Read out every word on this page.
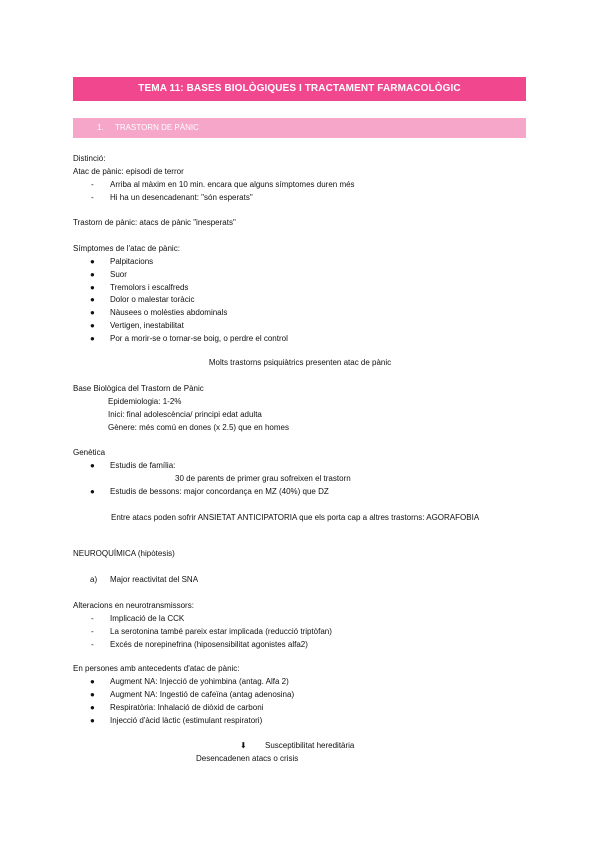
TEMA 11: BASES BIOLÒGIQUES I TRACTAMENT FARMACOLÒGIC
1. TRASTORN DE PÀNIC
Distinció:
Atac de pànic: episodi de terror
- Arriba al màxim en 10 min. encara que alguns símptomes duren més
- Hi ha un desencadenant: "són esperats"
Trastorn de pànic: atacs de pànic "inesperats"
Símptomes de l'atac de pànic:
● Palpitacions
● Suor
● Tremolors i escalfreds
● Dolor o malestar toràcic
● Nàusees o molèsties abdominals
● Vertigen, inestabilitat
● Por a morir-se o tornar-se boig, o perdre el control
Molts trastorns psiquiàtrics presenten atac de pànic
Base Biològica del Trastorn de Pànic
Epidemiologia: 1-2%
Inici: final adolescència/ principi edat adulta
Gènere: més comú en dones (x 2.5) que en homes
Genètica
● Estudis de família:
30 de parents de primer grau sofreixen el trastorn
● Estudis de bessons: major concordança en MZ (40%) que DZ
Entre atacs poden sofrir ANSIETAT ANTICIPATORIA que els porta cap a altres trastorns: AGORAFOBIA
NEUROQUÍMICA (hipòtesis)
a) Major reactivitat del SNA
Alteracions en neurotransmissors:
- Implicació de la CCK
- La serotonina també pareix estar implicada (reducció triptòfan)
- Excés de norepinefrina (hiposensibilitat agonistes alfa2)
En persones amb antecedents d'atac de pànic:
● Augment NA: Injecció de yohimbina (antag. Alfa 2)
● Augment NA: Ingestió de cafeïna (antag adenosina)
● Respiratòria: Inhalació de diòxid de carboni
● Injecció d'àcid làctic (estimulant respiratori)
⬇ Susceptibilitat hereditària
Desencadenen atacs o crisis
